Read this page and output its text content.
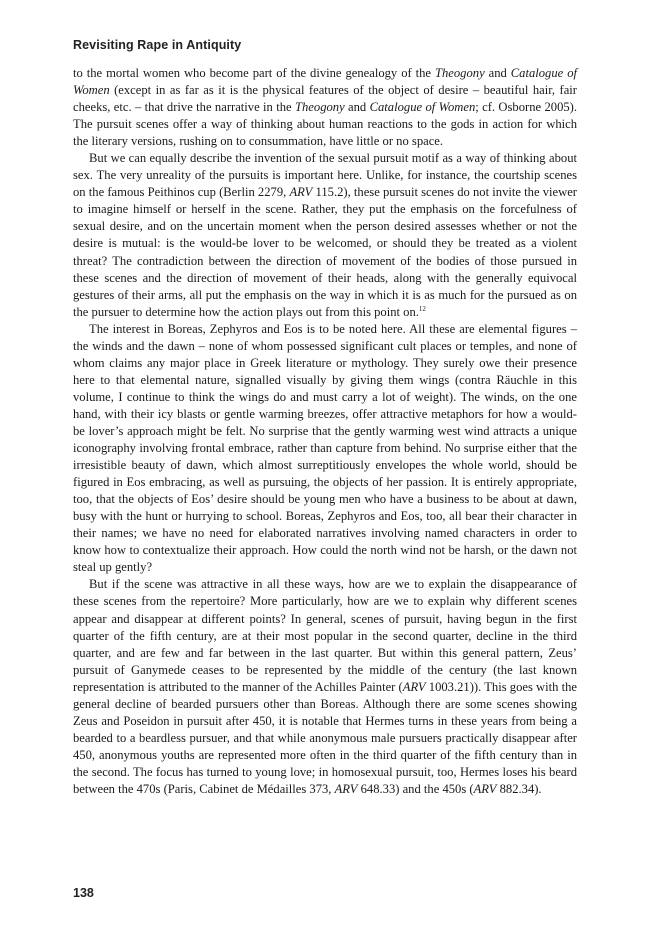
Revisiting Rape in Antiquity

to the mortal women who become part of the divine genealogy of the Theogony and Catalogue of Women (except in as far as it is the physical features of the object of desire – beautiful hair, fair cheeks, etc. – that drive the narrative in the Theogony and Catalogue of Women; cf. Osborne 2005). The pursuit scenes offer a way of thinking about human reactions to the gods in action for which the literary versions, rushing on to consummation, have little or no space.

But we can equally describe the invention of the sexual pursuit motif as a way of thinking about sex. The very unreality of the pursuits is important here. Unlike, for instance, the courtship scenes on the famous Peithinos cup (Berlin 2279, ARV 115.2), these pursuit scenes do not invite the viewer to imagine himself or herself in the scene. Rather, they put the emphasis on the forcefulness of sexual desire, and on the uncertain moment when the person desired assesses whether or not the desire is mutual: is the would-be lover to be welcomed, or should they be treated as a violent threat? The contradiction between the direction of movement of the bodies of those pursued in these scenes and the direction of movement of their heads, along with the generally equivocal gestures of their arms, all put the emphasis on the way in which it is as much for the pursued as on the pursuer to determine how the action plays out from this point on.$^{12}$

The interest in Boreas, Zephyros and Eos is to be noted here. All these are elemental figures – the winds and the dawn – none of whom possessed significant cult places or temples, and none of whom claims any major place in Greek literature or mythology. They surely owe their presence here to that elemental nature, signalled visually by giving them wings (contra Räuchle in this volume, I continue to think the wings do and must carry a lot of weight). The winds, on the one hand, with their icy blasts or gentle warming breezes, offer attractive metaphors for how a would-be lover’s approach might be felt. No surprise that the gently warming west wind attracts a unique iconography involving frontal embrace, rather than capture from behind. No surprise either that the irresistible beauty of dawn, which almost surreptitiously envelopes the whole world, should be figured in Eos embracing, as well as pursuing, the objects of her passion. It is entirely appropriate, too, that the objects of Eos’ desire should be young men who have a business to be about at dawn, busy with the hunt or hurrying to school. Boreas, Zephyros and Eos, too, all bear their character in their names; we have no need for elaborated narratives involving named characters in order to know how to contextualize their approach. How could the north wind not be harsh, or the dawn not steal up gently?

But if the scene was attractive in all these ways, how are we to explain the disappearance of these scenes from the repertoire? More particularly, how are we to explain why different scenes appear and disappear at different points? In general, scenes of pursuit, having begun in the first quarter of the fifth century, are at their most popular in the second quarter, decline in the third quarter, and are few and far between in the last quarter. But within this general pattern, Zeus’ pursuit of Ganymede ceases to be represented by the middle of the century (the last known representation is attributed to the manner of the Achilles Painter (ARV 1003.21)). This goes with the general decline of bearded pursuers other than Boreas. Although there are some scenes showing Zeus and Poseidon in pursuit after 450, it is notable that Hermes turns in these years from being a bearded to a beardless pursuer, and that while anonymous male pursuers practically disappear after 450, anonymous youths are represented more often in the third quarter of the fifth century than in the second. The focus has turned to young love; in homosexual pursuit, too, Hermes loses his beard between the 470s (Paris, Cabinet de Médailles 373, ARV 648.33) and the 450s (ARV 882.34).

138
